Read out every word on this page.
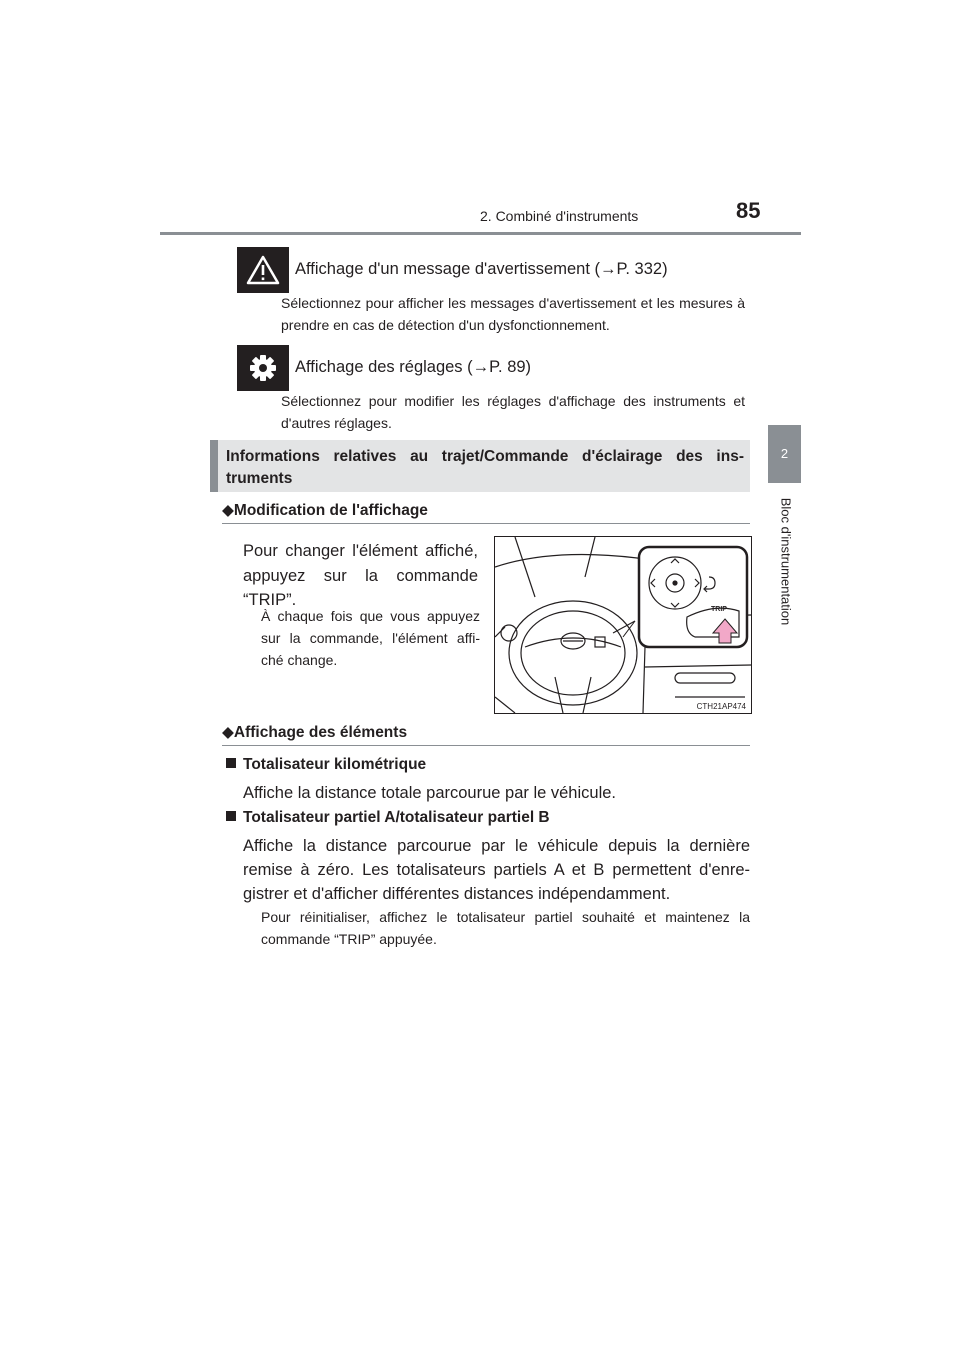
2. Combiné d'instruments	85
2
Bloc d'instrumentation
Affichage d'un message d'avertissement (→P. 332)
Sélectionnez pour afficher les messages d'avertissement et les mesures à prendre en cas de détection d'un dysfonctionnement.
Affichage des réglages (→P. 89)
Sélectionnez pour modifier les réglages d'affichage des instruments et d'autres réglages.
Informations relatives au trajet/Commande d'éclairage des ins-truments
◆Modification de l'affichage
Pour changer l'élément affiché, appuyez sur la commande “TRIP”.
À chaque fois que vous appuyez sur la commande, l'élément affi-ché change.
TRIP
CTH21AP474
◆Affichage des éléments
Totalisateur kilométrique
Affiche la distance totale parcourue par le véhicule.
Totalisateur partiel A/totalisateur partiel B
Affiche la distance parcourue par le véhicule depuis la dernière remise à zéro. Les totalisateurs partiels A et B permettent d'enre-gistrer et d'afficher différentes distances indépendamment.
Pour réinitialiser, affichez le totalisateur partiel souhaité et maintenez la commande “TRIP” appuyée.
